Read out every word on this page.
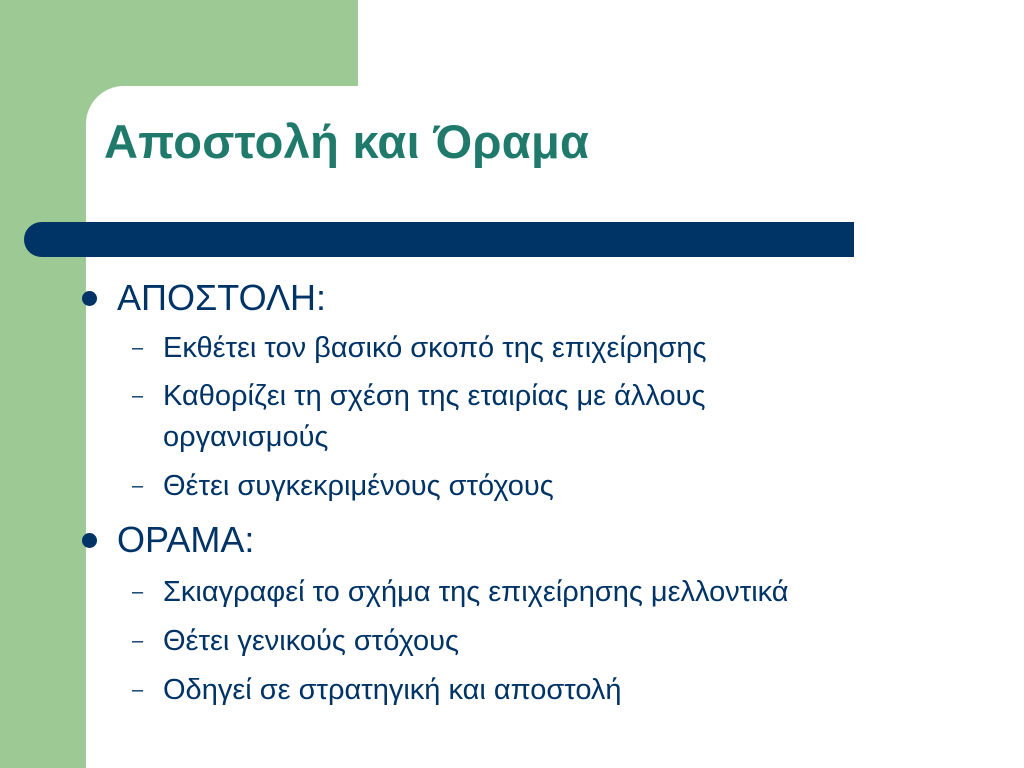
Αποστολή και Όραμα
ΑΠΟΣΤΟΛΗ:
– Εκθέτει τον βασικό σκοπό της επιχείρησης
– Καθορίζει τη σχέση της εταιρίας με άλλους οργανισμούς
– Θέτει συγκεκριμένους στόχους
ΟΡΑΜΑ:
– Σκιαγραφεί το σχήμα της επιχείρησης μελλοντικά
– Θέτει γενικούς στόχους
– Οδηγεί σε στρατηγική και αποστολή
